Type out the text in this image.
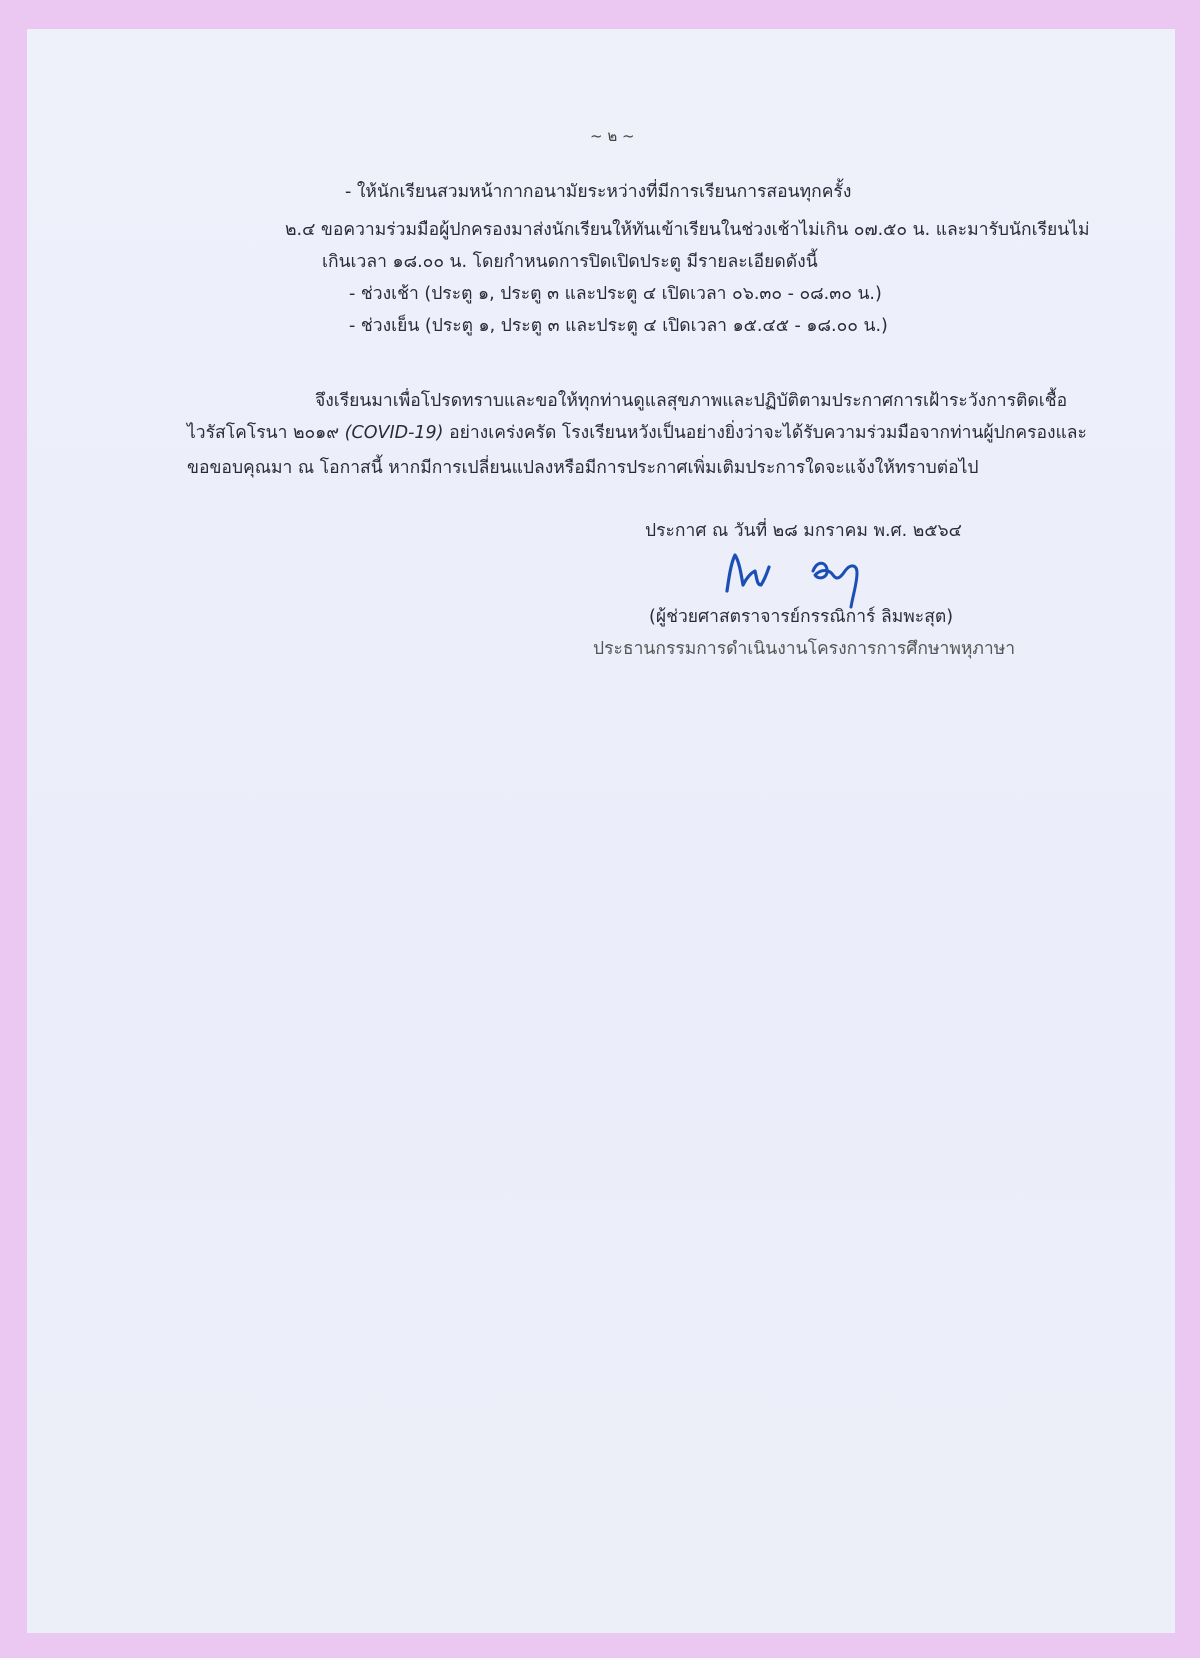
~ ๒ ~

- ให้นักเรียนสวมหน้ากากอนามัยระหว่างที่มีการเรียนการสอนทุกครั้ง

๒.๔ ขอความร่วมมือผู้ปกครองมาส่งนักเรียนให้ทันเข้าเรียนในช่วงเช้าไม่เกิน ๐๗.๕๐ น. และมารับนักเรียนไม่

เกินเวลา ๑๘.๐๐ น. โดยกำหนดการปิดเปิดประตู มีรายละเอียดดังนี้

- ช่วงเช้า (ประตู ๑, ประตู ๓ และประตู ๔ เปิดเวลา ๐๖.๓๐ - ๐๘.๓๐ น.)

- ช่วงเย็น (ประตู ๑, ประตู ๓ และประตู ๔ เปิดเวลา ๑๕.๔๕ - ๑๘.๐๐ น.)

จึงเรียนมาเพื่อโปรดทราบและขอให้ทุกท่านดูแลสุขภาพและปฏิบัติตามประกาศการเฝ้าระวังการติดเชื้อ

ไวรัสโคโรนา ๒๐๑๙ (COVID-19) อย่างเคร่งครัด โรงเรียนหวังเป็นอย่างยิ่งว่าจะได้รับความร่วมมือจากท่านผู้ปกครองและ

ขอขอบคุณมา ณ โอกาสนี้ หากมีการเปลี่ยนแปลงหรือมีการประกาศเพิ่มเติมประการใดจะแจ้งให้ทราบต่อไป

ประกาศ ณ วันที่ ๒๘ มกราคม พ.ศ. ๒๕๖๔

(ผู้ช่วยศาสตราจารย์กรรณิการ์ ลิมพะสุต)

ประธานกรรมการดำเนินงานโครงการการศึกษาพหุภาษา
